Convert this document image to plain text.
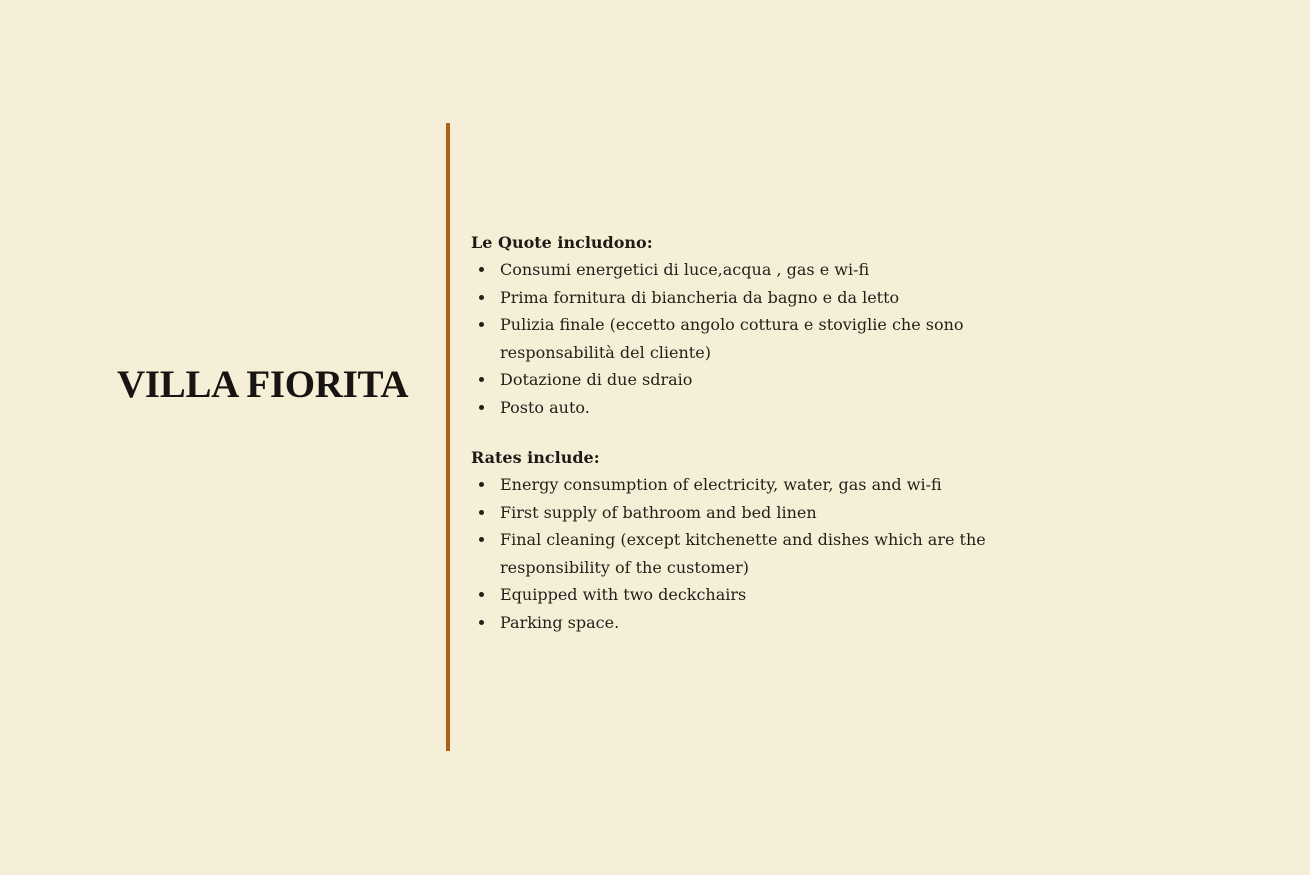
VILLA FIORITA
Le Quote includono:
Consumi energetici di luce,acqua , gas e wi-fi
Prima fornitura di biancheria da bagno e da letto
Pulizia finale (eccetto angolo cottura e stoviglie che sono responsabilità del cliente)
Dotazione di due sdraio
Posto auto.
Rates include:
Energy consumption of electricity, water, gas and wi-fi
First supply of bathroom and bed linen
Final cleaning (except kitchenette and dishes which are the responsibility of the customer)
Equipped with two deckchairs
Parking space.
